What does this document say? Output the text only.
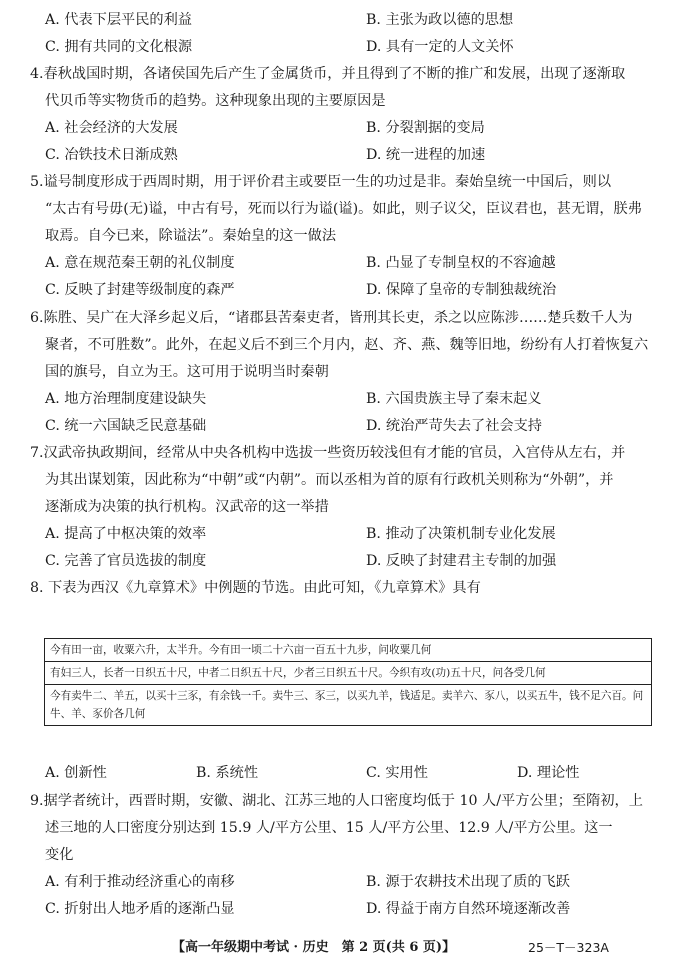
A. 代表下层平民的利益	B. 主张为政以德的思想
C. 拥有共同的文化根源	D. 具有一定的人文关怀
4.春秋战国时期，各诸侯国先后产生了金属货币，并且得到了不断的推广和发展，出现了逐渐取
代贝币等实物货币的趋势。这种现象出现的主要原因是
A. 社会经济的大发展	B. 分裂割据的变局
C. 冶铁技术日渐成熟	D. 统一进程的加速
5.谥号制度形成于西周时期，用于评价君主或要臣一生的功过是非。秦始皇统一中国后，则以
“太古有号毋(无)谥，中古有号，死而以行为谥(谥)。如此，则子议父，臣议君也，甚无谓，朕弗
取焉。自今已来，除谥法”。秦始皇的这一做法
A. 意在规范秦王朝的礼仪制度	B. 凸显了专制皇权的不容逾越
C. 反映了封建等级制度的森严	D. 保障了皇帝的专制独裁统治
6.陈胜、吴广在大泽乡起义后，“诸郡县苦秦吏者，皆刑其长吏，杀之以应陈涉……楚兵数千人为
聚者，不可胜数”。此外，在起义后不到三个月内，赵、齐、燕、魏等旧地，纷纷有人打着恢复六
国的旗号，自立为王。这可用于说明当时秦朝
A. 地方治理制度建设缺失	B. 六国贵族主导了秦末起义
C. 统一六国缺乏民意基础	D. 统治严苛失去了社会支持
7.汉武帝执政期间，经常从中央各机构中选拔一些资历较浅但有才能的官员，入宫侍从左右，并
为其出谋划策，因此称为“中朝”或“内朝”。而以丞相为首的原有行政机关则称为“外朝”，并
逐渐成为决策的执行机构。汉武帝的这一举措
A. 提高了中枢决策的效率	B. 推动了决策机制专业化发展
C. 完善了官员选拔的制度	D. 反映了封建君主专制的加强
8. 下表为西汉《九章算术》中例题的节选。由此可知，《九章算术》具有
今有田一亩，收粟六升，太半升。今有田一顷二十六亩一百五十九步，问收粟几何
有妇三人，长者一日织五十尺，中者二日织五十尺，少者三日织五十尺。今织有攻(功)五十尺，问各受几何
今有卖牛二、羊五，以买十三豕，有余钱一千。卖牛三、豕三，以买九羊，钱适足。卖羊六、豕八，以买五牛，钱不足六百。问牛、羊、豕价各几何
A. 创新性	B. 系统性	C. 实用性	D. 理论性
9.据学者统计，西晋时期，安徽、湖北、江苏三地的人口密度均低于 10 人/平方公里；至隋初，上
述三地的人口密度分别达到 15.9 人/平方公里、15 人/平方公里、12.9 人/平方公里。这一
变化
A. 有利于推动经济重心的南移	B. 源于农耕技术出现了质的飞跃
C. 折射出人地矛盾的逐渐凸显	D. 得益于南方自然环境逐渐改善
【高一年级期中考试 · 历史　第 2 页(共 6 页)】	25－T－323A
